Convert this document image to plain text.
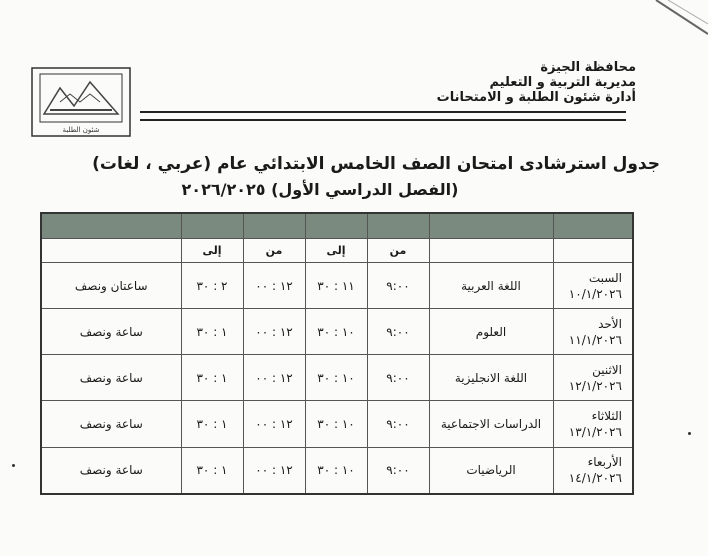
محافظة الجيزة
مديرية التربية و التعليم
أدارة شئون الطلبة و الامتحانات
شئون الطلبة
جدول استرشادى امتحان الصف الخامس الابتدائي عام (عربي ، لغات)
(الفصل الدراسي الأول) ٢٠٢٦/٢٠٢٥

		من	إلى	من	إلى	

السبت
١٠/١/٢٠٢٦	اللغة العربية	٩:٠٠	١١ : ٣٠	١٢ : ٠٠	٢ : ٣٠	ساعتان ونصف

الأحد
١١/١/٢٠٢٦	العلوم	٩:٠٠	١٠ : ٣٠	١٢ : ٠٠	١ : ٣٠	ساعة ونصف

الاثنين
١٢/١/٢٠٢٦	اللغة الانجليزية	٩:٠٠	١٠ : ٣٠	١٢ : ٠٠	١ : ٣٠	ساعة ونصف

الثلاثاء
١٣/١/٢٠٢٦	الدراسات الاجتماعية	٩:٠٠	١٠ : ٣٠	١٢ : ٠٠	١ : ٣٠	ساعة ونصف

الأربعاء
١٤/١/٢٠٢٦	الرياضيات	٩:٠٠	١٠ : ٣٠	١٢ : ٠٠	١ : ٣٠	ساعة ونصف
